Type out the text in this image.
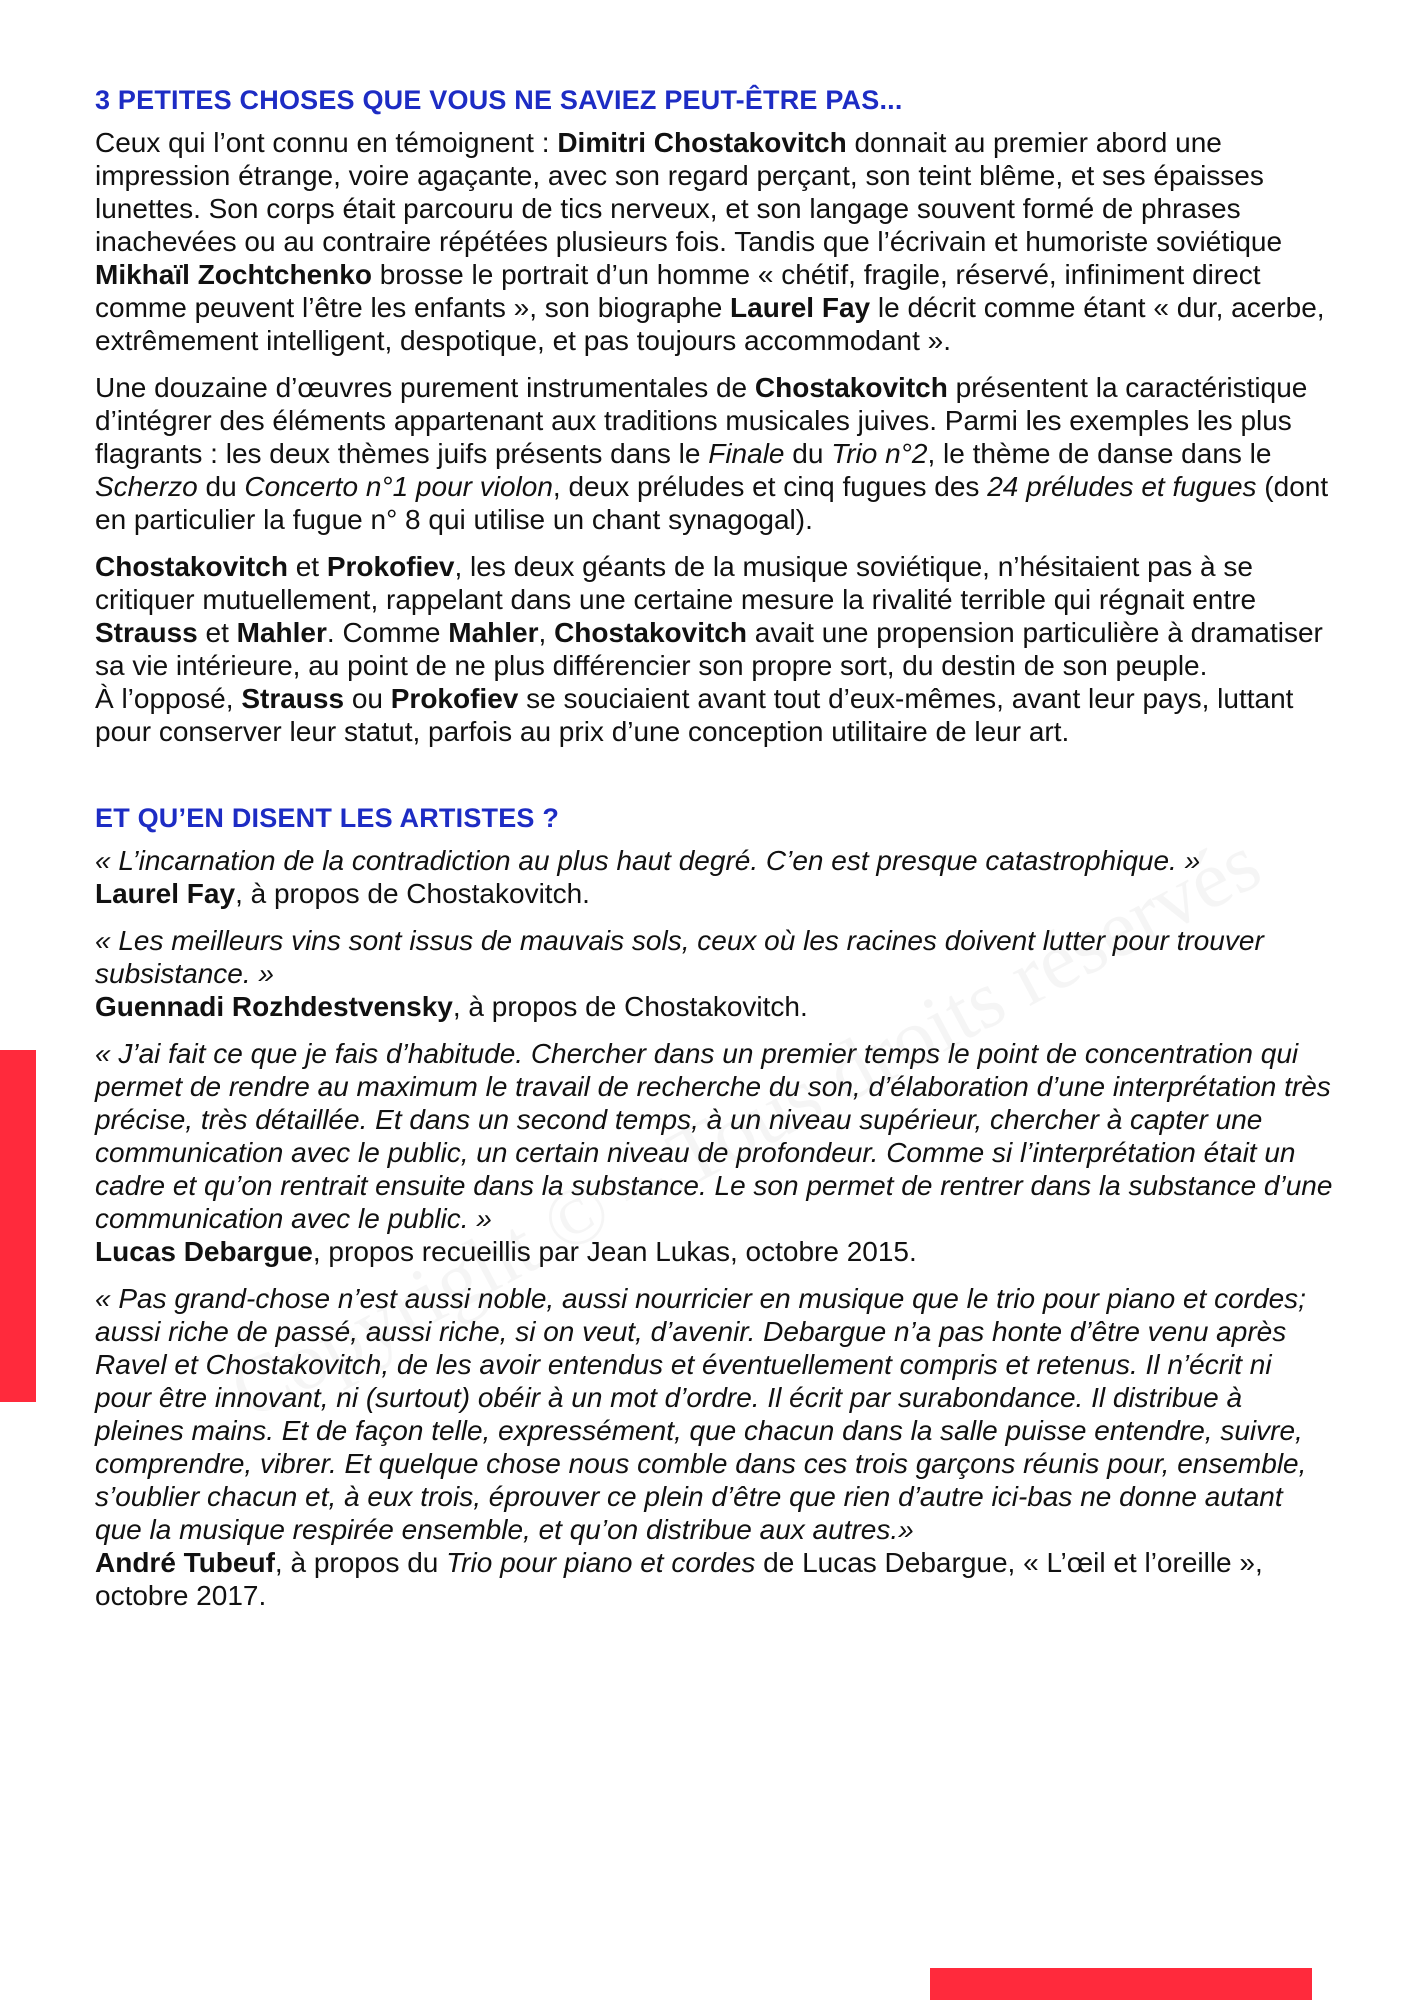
3 PETITES CHOSES QUE VOUS NE SAVIEZ PEUT-ÊTRE PAS...

Ceux qui l’ont connu en témoignent : Dimitri Chostakovitch donnait au premier abord une impression étrange, voire agaçante, avec son regard perçant, son teint blême, et ses épaisses lunettes. Son corps était parcouru de tics nerveux, et son langage souvent formé de phrases inachevées ou au contraire répétées plusieurs fois. Tandis que l’écrivain et humoriste soviétique Mikhaïl Zochtchenko brosse le portrait d’un homme « chétif, fragile, réservé, infiniment direct comme peuvent l’être les enfants », son biographe Laurel Fay le décrit comme étant « dur, acerbe, extrêmement intelligent, despotique, et pas toujours accommodant ».

Une douzaine d’œuvres purement instrumentales de Chostakovitch présentent la caractéristique d’intégrer des éléments appartenant aux traditions musicales juives. Parmi les exemples les plus flagrants : les deux thèmes juifs présents dans le Finale du Trio n°2, le thème de danse dans le Scherzo du Concerto n°1 pour violon, deux préludes et cinq fugues des 24 préludes et fugues (dont en particulier la fugue n° 8 qui utilise un chant synagogal).

Chostakovitch et Prokofiev, les deux géants de la musique soviétique, n’hésitaient pas à se critiquer mutuellement, rappelant dans une certaine mesure la rivalité terrible qui régnait entre Strauss et Mahler. Comme Mahler, Chostakovitch avait une propension particulière à dramatiser sa vie intérieure, au point de ne plus différencier son propre sort, du destin de son peuple.
À l’opposé, Strauss ou Prokofiev se souciaient avant tout d’eux-mêmes, avant leur pays, luttant pour conserver leur statut, parfois au prix d’une conception utilitaire de leur art.

ET QU’EN DISENT LES ARTISTES ?
« L’incarnation de la contradiction au plus haut degré. C’en est presque catastrophique. »
Laurel Fay, à propos de Chostakovitch.
« Les meilleurs vins sont issus de mauvais sols, ceux où les racines doivent lutter pour trouver subsistance. »
Guennadi Rozhdestvensky, à propos de Chostakovitch.
« J’ai fait ce que je fais d’habitude. Chercher dans un premier temps le point de concentration qui permet de rendre au maximum le travail de recherche du son, d’élaboration d’une interprétation très précise, très détaillée. Et dans un second temps, à un niveau supérieur, chercher à capter une communication avec le public, un certain niveau de profondeur. Comme si l’interprétation était un cadre et qu’on rentrait ensuite dans la substance. Le son permet de rentrer dans la substance d’une communication avec le public. »
Lucas Debargue, propos recueillis par Jean Lukas, octobre 2015.
« Pas grand-chose n’est aussi noble, aussi nourricier en musique que le trio pour piano et cordes; aussi riche de passé, aussi riche, si on veut, d’avenir. Debargue n’a pas honte d’être venu après Ravel et Chostakovitch, de les avoir entendus et éventuellement compris et retenus. Il n’écrit ni pour être innovant, ni (surtout) obéir à un mot d’ordre. Il écrit par surabondance. Il distribue à pleines mains. Et de façon telle, expressément, que chacun dans la salle puisse entendre, suivre, comprendre, vibrer. Et quelque chose nous comble dans ces trois garçons réunis pour, ensemble, s’oublier chacun et, à eux trois, éprouver ce plein d’être que rien d’autre ici-bas ne donne autant que la musique respirée ensemble, et qu’on distribue aux autres.»
André Tubeuf, à propos du Trio pour piano et cordes de Lucas Debargue, « L’œil et l’oreille », octobre 2017.
